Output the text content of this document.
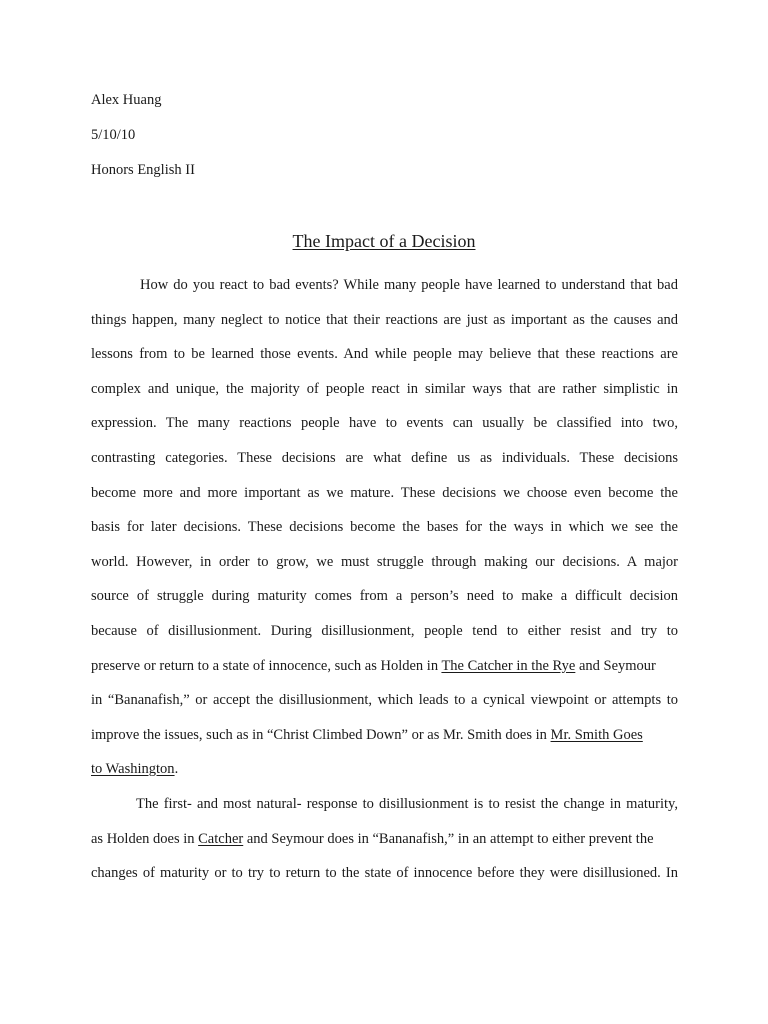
Alex Huang
5/10/10
Honors English II
The Impact of a Decision
How do you react to bad events? While many people have learned to understand that bad
things happen, many neglect to notice that their reactions are just as important as the causes and
lessons from to be learned those events. And while people may believe that these reactions are
complex and unique, the majority of people react in similar ways that are rather simplistic in
expression. The many reactions people have to events can usually be classified into two,
contrasting categories. These decisions are what define us as individuals. These decisions
become more and more important as we mature. These decisions we choose even become the
basis for later decisions. These decisions become the bases for the ways in which we see the
world. However, in order to grow, we must struggle through making our decisions. A major
source of struggle during maturity comes from a person’s need to make a difficult decision
because of disillusionment. During disillusionment, people tend to either resist and try to
preserve or return to a state of innocence, such as Holden in The Catcher in the Rye and Seymour
in “Bananafish,” or accept the disillusionment, which leads to a cynical viewpoint or attempts to
improve the issues, such as in “Christ Climbed Down” or as Mr. Smith does in Mr. Smith Goes
to Washington.
The first- and most natural- response to disillusionment is to resist the change in maturity,
as Holden does in Catcher and Seymour does in “Bananafish,” in an attempt to either prevent the
changes of maturity or to try to return to the state of innocence before they were disillusioned. In
